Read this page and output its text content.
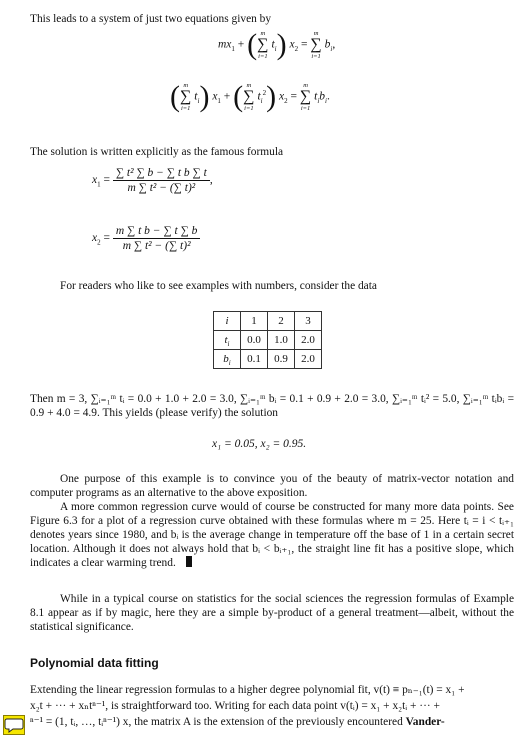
This leads to a system of just two equations given by
$mx_1$ + ( m
∑
i=1
$t_i$) $x_2$ =
m
∑
i=1
$b_i$,
( m
∑
i=1
$t_i$) $x_1$ + ( m
∑
i=1
$t_i^2$) $x_2$ =
m
∑
i=1
$t_ib_i$.
The solution is written explicitly as the famous formula
$x_1 = \frac{\text{∑ t² ∑ b − ∑ t b ∑ t}}{\text{m ∑ t² − (∑ t)²}}$ ,
$x_2 = \frac{\text{m ∑ t b − ∑ t ∑ b}}{\text{m ∑ t² − (∑ t)²}}$
For readers who like to see examples with numbers, consider the data
i	1	2	3
$t_i$	0.0	1.0	2.0
$b_i$	0.1	0.9	2.0
Then m = 3, ∑ᵢ₌₁ᵐ tᵢ = 0.0 + 1.0 + 2.0 = 3.0, ∑ᵢ₌₁ᵐ bᵢ = 0.1 + 0.9 + 2.0 = 3.0, ∑ᵢ₌₁ᵐ tᵢ² = 5.0, ∑ᵢ₌₁ᵐ tᵢbᵢ = 0.9 + 4.0 = 4.9. This yields (please verify) the solution
x₁ = 0.05, x₂ = 0.95.
One purpose of this example is to convince you of the beauty of matrix-vector notation and computer programs as an alternative to the above exposition.
A more common regression curve would of course be constructed for many more data points. See Figure 6.3 for a plot of a regression curve obtained with these formulas where m = 25. Here tᵢ = i < tᵢ₊₁ denotes years since 1980, and bᵢ is the average change in temperature off the base of 1 in a certain secret location. Although it does not always hold that bᵢ < bᵢ₊₁, the straight line fit has a positive slope, which indicates a clear warming trend.
While in a typical course on statistics for the social sciences the regression formulas of Example 8.1 appear as if by magic, here they are a simple by-product of a general treatment—albeit, without the statistical significance.
Polynomial data fitting
Extending the linear regression formulas to a higher degree polynomial fit, v(t) ≡ pₙ₋₁(t) = x₁ +
x₂t + ··· + xₙtⁿ⁻¹, is straightforward too. Writing for each data point v(tᵢ) = x₁ + x₂tᵢ + ··· +
ⁿ⁻¹ = (1, tᵢ, …, tᵢⁿ⁻¹) x, the matrix A is the extension of the previously encountered Vander-
